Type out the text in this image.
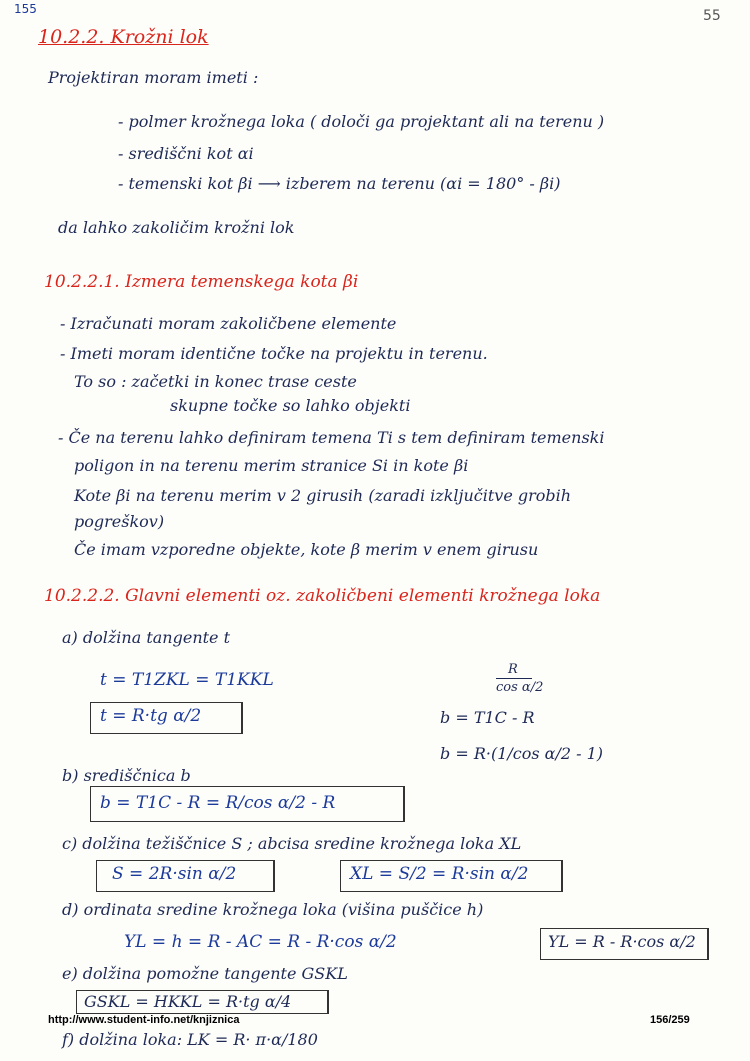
155	55
10.2.2. Krožni lok
Projektiran moram imeti :
- polmer krožnega loka ( določi ga projektant ali na terenu )
- središčni kot αi
- temenski kot βi ⟶ izberem na terenu (αi = 180° - βi)
da lahko zakoličim krožni lok
10.2.2.1. Izmera temenskega kota βi
- Izračunati moram zakoličbene elemente
- Imeti moram identične točke na projektu in terenu.
To so : začetki in konec trase ceste
skupne točke so lahko objekti
- Če na terenu lahko definiram temena Ti s tem definiram temenski
poligon in na terenu merim stranice Si in kote βi
Kote βi na terenu merim v 2 girusih (zaradi izključitve grobih
pogreškov)
Če imam vzporedne objekte, kote β merim v enem girusu
10.2.2.2. Glavni elementi oz. zakoličbeni elementi krožnega loka
a) dolžina tangente t
t = T1ZKL = T1KKL
t = R·tg α/2
R
cos α/2
b = T1C - R
b = R·(1/cos α/2 - 1)
b) središčnica b
b = T1C - R = R/cos α/2 - R
c) dolžina težiščnice S ; abcisa sredine krožnega loka XL
S = 2R·sin α/2	XL = S/2 = R·sin α/2
d) ordinata sredine krožnega loka (višina puščice h)
YL = h = R - AC = R - R·cos α/2	YL = R - R·cos α/2
e) dolžina pomožne tangente GSKL
GSKL = HKKL = R·tg α/4
f) dolžina loka: LK = R· π·α/180
http://www.student-info.net/knjiznica	156/259
